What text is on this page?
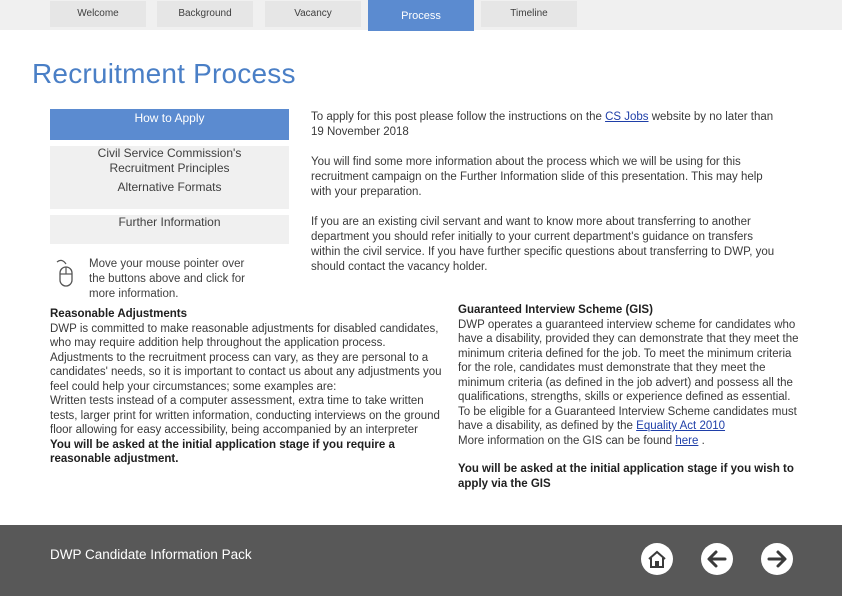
Welcome	Background	Vacancy	Process	Timeline
Recruitment Process
How to Apply
Civil Service Commission's
Recruitment Principles
Alternative Formats
Further Information
Move your mouse pointer over the buttons above and click for more information.

To apply for this post please follow the instructions on the CS Jobs website by no later than 19 November 2018

You will find some more information about the process which we will be using for this recruitment campaign on the Further Information slide of this presentation. This may help with your preparation.

If you are an existing civil servant and want to know more about transferring to another department you should refer initially to your current department's guidance on transfers within the civil service. If you have further specific questions about transferring to DWP, you should contact the vacancy holder.

Reasonable Adjustments
DWP is committed to make reasonable adjustments for disabled candidates, who may require addition help throughout the application process.
Adjustments to the recruitment process can vary, as they are personal to a candidates' needs, so it is important to contact us about any adjustments you feel could help your circumstances; some examples are:
Written tests instead of a computer assessment, extra time to take written tests, larger print for written information, conducting interviews on the ground floor allowing for easy accessibility, being accompanied by an interpreter
You will be asked at the initial application stage if you require a reasonable adjustment.
Guaranteed Interview Scheme (GIS)
DWP operates a guaranteed interview scheme for candidates who have a disability, provided they can demonstrate that they meet the minimum criteria defined for the job. To meet the minimum criteria for the role, candidates must demonstrate that they meet the minimum criteria (as defined in the job advert) and possess all the qualifications, strengths, skills or experience defined as essential.
To be eligible for a Guaranteed Interview Scheme candidates must have a disability, as defined by the Equality Act 2010
More information on the GIS can be found here .
You will be asked at the initial application stage if you wish to apply via the GIS
DWP Candidate Information Pack
